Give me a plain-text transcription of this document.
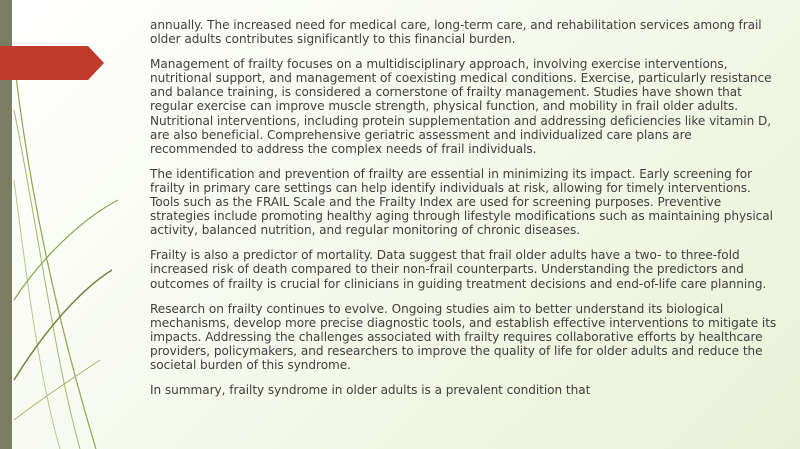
annually. The increased need for medical care, long-term care, and rehabilitation services among frail older adults contributes significantly to this financial burden.

Management of frailty focuses on a multidisciplinary approach, involving exercise interventions, nutritional support, and management of coexisting medical conditions. Exercise, particularly resistance and balance training, is considered a cornerstone of frailty management. Studies have shown that regular exercise can improve muscle strength, physical function, and mobility in frail older adults. Nutritional interventions, including protein supplementation and addressing deficiencies like vitamin D, are also beneficial. Comprehensive geriatric assessment and individualized care plans are recommended to address the complex needs of frail individuals.

The identification and prevention of frailty are essential in minimizing its impact. Early screening for frailty in primary care settings can help identify individuals at risk, allowing for timely interventions. Tools such as the FRAIL Scale and the Frailty Index are used for screening purposes. Preventive strategies include promoting healthy aging through lifestyle modifications such as maintaining physical activity, balanced nutrition, and regular monitoring of chronic diseases.

Frailty is also a predictor of mortality. Data suggest that frail older adults have a two- to three-fold increased risk of death compared to their non-frail counterparts. Understanding the predictors and outcomes of frailty is crucial for clinicians in guiding treatment decisions and end-of-life care planning.

Research on frailty continues to evolve. Ongoing studies aim to better understand its biological mechanisms, develop more precise diagnostic tools, and establish effective interventions to mitigate its impacts. Addressing the challenges associated with frailty requires collaborative efforts by healthcare providers, policymakers, and researchers to improve the quality of life for older adults and reduce the societal burden of this syndrome.

In summary, frailty syndrome in older adults is a prevalent condition that
